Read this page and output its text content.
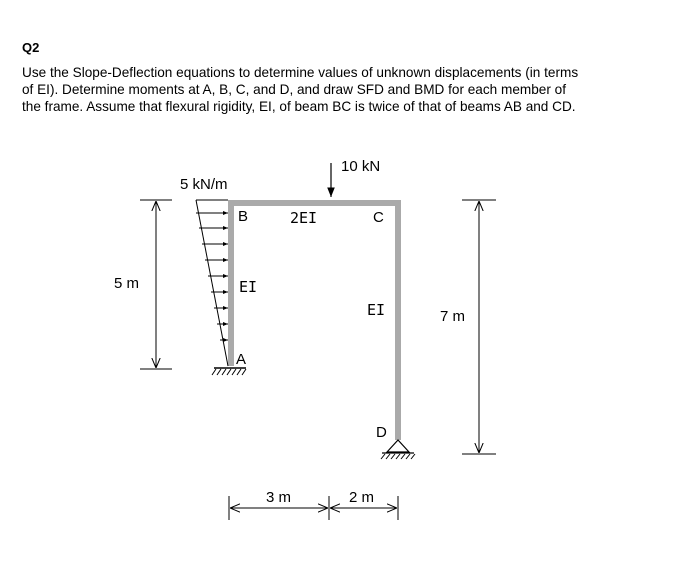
Q2
Use the Slope-Deflection equations to determine values of unknown displacements (in terms
of EI). Determine moments at A, B, C, and D, and draw SFD and BMD for each member of
the frame. Assume that flexural rigidity, EI, of beam BC is twice of that of beams AB and CD.
5 kN/m
10 kN
B	C
A
D
2EI
EI
EI
5 m
7 m
3 m	2 m
